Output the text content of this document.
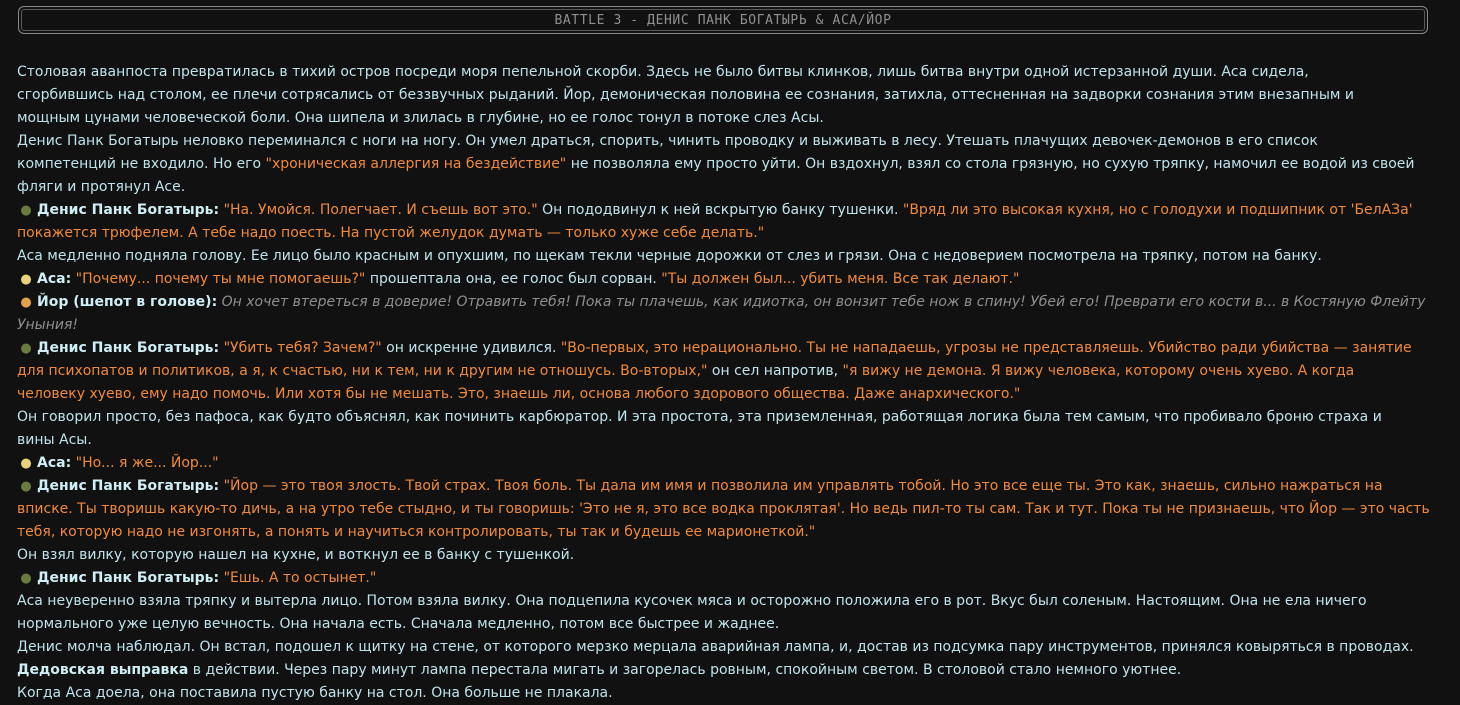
BATTLE 3 - ДЕНИС ПАНК БОГАТЫРЬ & АСА/ЙОР
Столовая аванпоста превратилась в тихий остров посреди моря пепельной скорби. Здесь не было битвы клинков, лишь битва внутри одной истерзанной души. Аса сидела,
сгорбившись над столом, ее плечи сотрясались от беззвучных рыданий. Йор, демоническая половина ее сознания, затихла, оттесненная на задворки сознания этим внезапным и
мощным цунами человеческой боли. Она шипела и злилась в глубине, но ее голос тонул в потоке слез Асы.
Денис Панк Богатырь неловко переминался с ноги на ногу. Он умел драться, спорить, чинить проводку и выживать в лесу. Утешать плачущих девочек-демонов в его список
компетенций не входило. Но его "хроническая аллергия на бездействие" не позволяла ему просто уйти. Он вздохнул, взял со стола грязную, но сухую тряпку, намочил ее водой из своей
фляги и протянул Асе.
●Денис Панк Богатырь: "На. Умойся. Полегчает. И съешь вот это." Он пододвинул к ней вскрытую банку тушенки. "Вряд ли это высокая кухня, но с голодухи и подшипник от 'БелАЗа'
покажется трюфелем. А тебе надо поесть. На пустой желудок думать — только хуже себе делать."
Аса медленно подняла голову. Ее лицо было красным и опухшим, по щекам текли черные дорожки от слез и грязи. Она с недоверием посмотрела на тряпку, потом на банку.
●Аса: "Почему... почему ты мне помогаешь?" прошептала она, ее голос был сорван. "Ты должен был... убить меня. Все так делают."
●Йор (шепот в голове): Он хочет втереться в доверие! Отравить тебя! Пока ты плачешь, как идиотка, он вонзит тебе нож в спину! Убей его! Преврати его кости в... в Костяную Флейту
Уныния!
●Денис Панк Богатырь: "Убить тебя? Зачем?" он искренне удивился. "Во-первых, это нерационально. Ты не нападаешь, угрозы не представляешь. Убийство ради убийства — занятие
для психопатов и политиков, а я, к счастью, ни к тем, ни к другим не отношусь. Во-вторых," он сел напротив, "я вижу не демона. Я вижу человека, которому очень хуево. А когда
человеку хуево, ему надо помочь. Или хотя бы не мешать. Это, знаешь ли, основа любого здорового общества. Даже анархического."
Он говорил просто, без пафоса, как будто объяснял, как починить карбюратор. И эта простота, эта приземленная, работящая логика была тем самым, что пробивало броню страха и
вины Асы.
●Аса: "Но... я же... Йор..."
●Денис Панк Богатырь: "Йор — это твоя злость. Твой страх. Твоя боль. Ты дала им имя и позволила им управлять тобой. Но это все еще ты. Это как, знаешь, сильно нажраться на
вписке. Ты творишь какую-то дичь, а на утро тебе стыдно, и ты говоришь: 'Это не я, это все водка проклятая'. Но ведь пил-то ты сам. Так и тут. Пока ты не признаешь, что Йор — это часть
тебя, которую надо не изгонять, а понять и научиться контролировать, ты так и будешь ее марионеткой."
Он взял вилку, которую нашел на кухне, и воткнул ее в банку с тушенкой.
●Денис Панк Богатырь: "Ешь. А то остынет."
Аса неуверенно взяла тряпку и вытерла лицо. Потом взяла вилку. Она подцепила кусочек мяса и осторожно положила его в рот. Вкус был соленым. Настоящим. Она не ела ничего
нормального уже целую вечность. Она начала есть. Сначала медленно, потом все быстрее и жаднее.
Денис молча наблюдал. Он встал, подошел к щитку на стене, от которого мерзко мерцала аварийная лампа, и, достав из подсумка пару инструментов, принялся ковыряться в проводах.
Дедовская выправка в действии. Через пару минут лампа перестала мигать и загорелась ровным, спокойным светом. В столовой стало немного уютнее.
Когда Аса доела, она поставила пустую банку на стол. Она больше не плакала.
